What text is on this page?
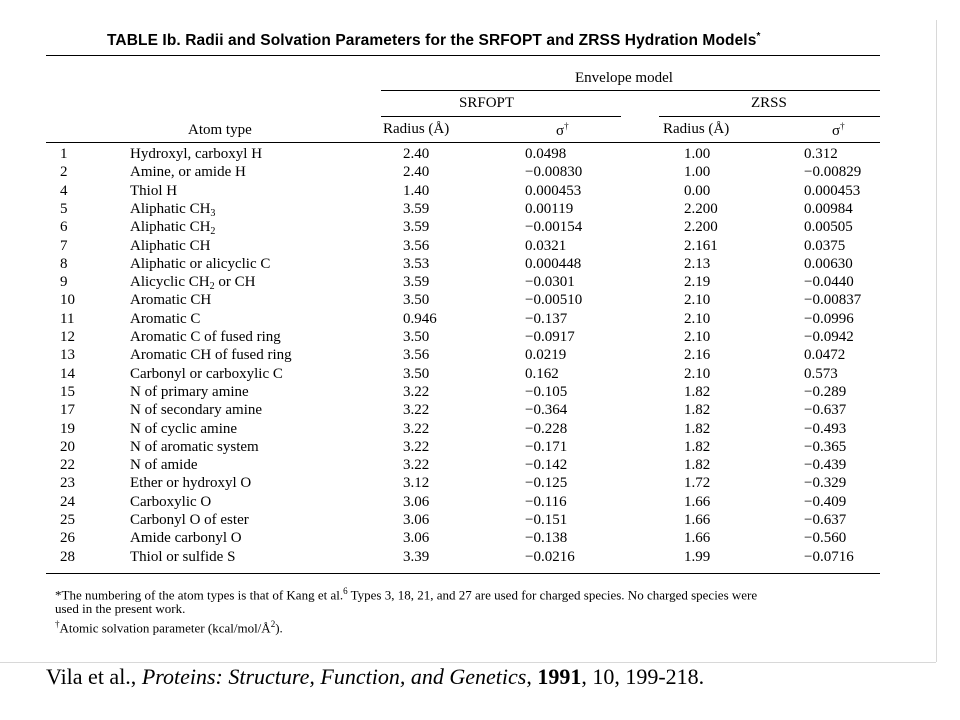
TABLE Ib. Radii and Solvation Parameters for the SRFOPT and ZRSS Hydration Models*
Envelope model
SRFOPT	ZRSS
Atom type	Radius (Å)	σ†	Radius (Å)	σ†
1	Hydroxyl, carboxyl H	2.40	0.0498	1.00	0.312
2	Amine, or amide H	2.40	−0.00830	1.00	−0.00829
4	Thiol H	1.40	0.000453	0.00	0.000453
5	Aliphatic $CH_3$	3.59	0.00119	2.200	0.00984
6	Aliphatic $CH_2$	3.59	−0.00154	2.200	0.00505
7	Aliphatic CH	3.56	0.0321	2.161	0.0375
8	Aliphatic or alicyclic C	3.53	0.000448	2.13	0.00630
9	Alicyclic $CH_2$ or CH	3.59	−0.0301	2.19	−0.0440
10	Aromatic CH	3.50	−0.00510	2.10	−0.00837
11	Aromatic C	0.946	−0.137	2.10	−0.0996
12	Aromatic C of fused ring	3.50	−0.0917	2.10	−0.0942
13	Aromatic CH of fused ring	3.56	0.0219	2.16	0.0472
14	Carbonyl or carboxylic C	3.50	0.162	2.10	0.573
15	N of primary amine	3.22	−0.105	1.82	−0.289
17	N of secondary amine	3.22	−0.364	1.82	−0.637
19	N of cyclic amine	3.22	−0.228	1.82	−0.493
20	N of aromatic system	3.22	−0.171	1.82	−0.365
22	N of amide	3.22	−0.142	1.82	−0.439
23	Ether or hydroxyl O	3.12	−0.125	1.72	−0.329
24	Carboxylic O	3.06	−0.116	1.66	−0.409
25	Carbonyl O of ester	3.06	−0.151	1.66	−0.637
26	Amide carbonyl O	3.06	−0.138	1.66	−0.560
28	Thiol or sulfide S	3.39	−0.0216	1.99	−0.0716
*The numbering of the atom types is that of Kang et al.$^6$ Types 3, 18, 21, and 27 are used for charged species. No charged species were
used in the present work.
†Atomic solvation parameter (kcal/mol/Å$^2$).
Vila et al., Proteins: Structure, Function, and Genetics, 1991, 10, 199-218.
